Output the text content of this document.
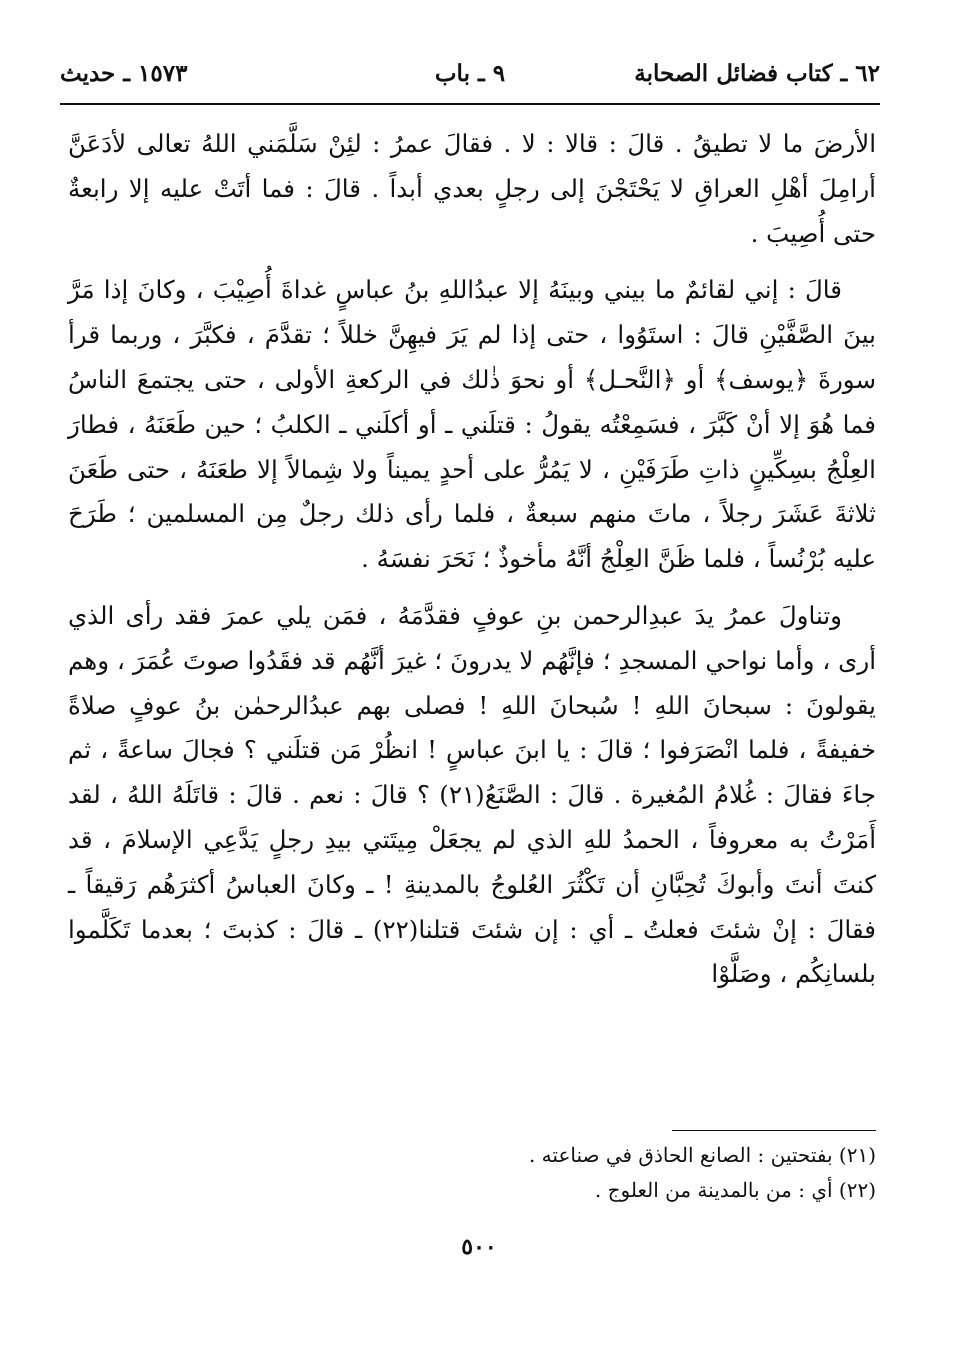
٦٢ ـ كتاب فضائل الصحابة
٩ ـ باب
١٥٧٣ ـ حديث

الأرضَ ما لا تطيقُ . قالَ : قالا : لا . فقالَ عمرُ : لئِنْ سَلَّمَني اللهُ تعالى لأدَعَنَّ أرامِلَ أهْلِ العراقِ لا يَحْتَجْنَ إلى رجلٍ بعدي أبداً . قالَ : فما أتَتْ عليه إلا رابعةٌ حتى أُصِيبَ .

قالَ : إني لقائمٌ ما بيني وبينَهُ إلا عبدُاللهِ بنُ عباسٍ غداةَ أُصِيْبَ ، وكانَ إذا مَرَّ بينَ الصَّفَّيْنِ قالَ : استَوُوا ، حتى إذا لم يَرَ فيهِنَّ خللاً ؛ تقدَّمَ ، فكبَّرَ ، وربما قرأ سورةَ ﴿يوسف﴾ أو ﴿النَّحـل﴾ أو نحوَ ذٰلك في الركعةِ الأولى ، حتى يجتمعَ الناسُ فما هُوَ إلا أنْ كَبَّرَ ، فسَمِعْتُه يقولُ : قتلَني ـ أو أكلَني ـ الكلبُ ؛ حين طَعَنَهُ ، فطارَ العِلْجُ بسِكِّينٍ ذاتِ طَرَفَيْنِ ، لا يَمُرُّ على أحدٍ يميناً ولا شِمالاً إلا طعَنَهُ ، حتى طَعَنَ ثلاثةَ عَشَرَ رجلاً ، ماتَ منهم سبعةٌ ، فلما رأى ذلك رجلٌ مِن المسلمين ؛ طَرَحَ عليه بُرْنُساً ، فلما ظَنَّ العِلْجُ أنَّهُ مأخوذٌ ؛ نَحَرَ نفسَهُ .

وتناولَ عمرُ يدَ عبدِالرحمن بنِ عوفٍ فقدَّمَهُ ، فمَن يلي عمرَ فقد رأى الذي أرى ، وأما نواحي المسجدِ ؛ فإنَّهُم لا يدرونَ ؛ غيرَ أنَّهُم قد فقَدُوا صوتَ عُمَرَ ، وهم يقولونَ : سبحانَ اللهِ ! سُبحانَ اللهِ ! فصلى بهم عبدُالرحمٰن بنُ عوفٍ صلاةً خفيفةً ، فلما انْصَرَفوا ؛ قالَ : يا ابنَ عباسٍ ! انظُرْ مَن قتلَني ؟ فجالَ ساعةً ، ثم جاءَ فقالَ : غُلامُ المُغيرة . قالَ : الصَّنَعُ(٢١) ؟ قالَ : نعم . قالَ : قاتَلَهُ اللهُ ، لقد أَمَرْتُ به معروفاً ، الحمدُ للهِ الذي لم يجعَلْ مِيتَتي بيدِ رجلٍ يَدَّعِي الإسلامَ ، قد كنتَ أنتَ وأبوكَ تُحِبَّانِ أن تَكْثُرَ العُلوجُ بالمدينةِ ! ـ وكانَ العباسُ أكثرَهُم رَقيقاً ـ فقالَ : إنْ شئتَ فعلتُ ـ أي : إن شئتَ قتلنا(٢٢) ـ قالَ : كذبتَ ؛ بعدما تَكَلَّموا بلسانِكُم ، وصَلَّوْا

(٢١) بفتحتين : الصانع الحاذق في صناعته .

(٢٢) أي : من بالمدينة من العلوج .

٥٠٠
